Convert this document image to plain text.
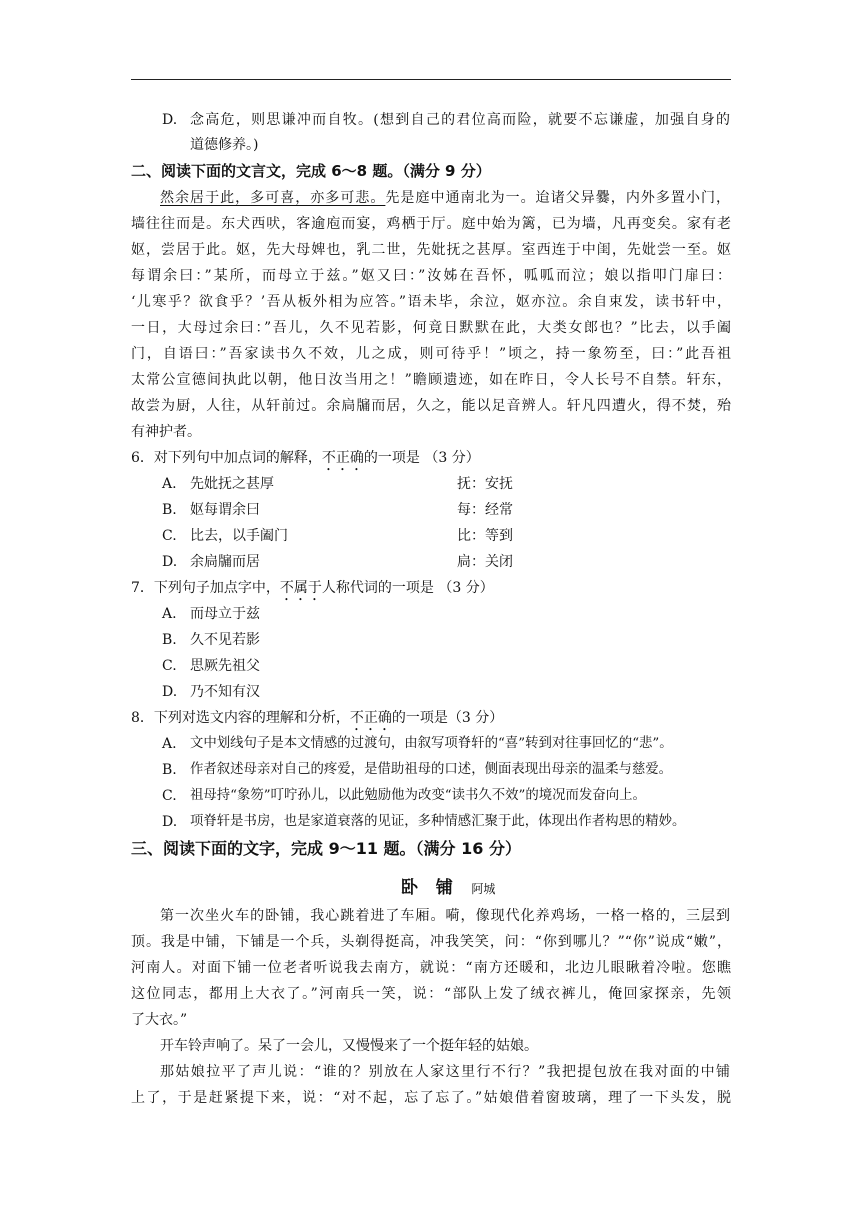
D. 念高危，则思谦冲而自牧。(想到自己的君位高而险，就要不忘谦虚，加强自身的
道德修养。)
二、阅读下面的文言文，完成 6～8 题。（满分 9 分）
然余居于此，多可喜，亦多可悲。先是庭中通南北为一。迨诸父异爨，内外多置小门，
墙往往而是。东犬西吠，客逾庖而宴，鸡栖于厅。庭中始为篱，已为墙，凡再变矣。家有老
妪，尝居于此。妪，先大母婢也，乳二世，先妣抚之甚厚。室西连于中闺，先妣尝一至。妪
每谓余曰：”某所，而母立于兹。”妪又曰：”汝姊在吾怀，呱呱而泣；娘以指叩门扉曰：
‘儿寒乎？欲食乎？’吾从板外相为应答。”语未毕，余泣，妪亦泣。余自束发，读书轩中，
一日，大母过余曰：”吾儿，久不见若影，何竟日默默在此，大类女郎也？”比去，以手阖
门，自语曰：”吾家读书久不效，儿之成，则可待乎！”顷之，持一象笏至，曰：”此吾祖
太常公宣德间执此以朝，他日汝当用之！”瞻顾遗迹，如在昨日，令人长号不自禁。轩东，
故尝为厨，人往，从轩前过。余扃牖而居，久之，能以足音辨人。轩凡四遭火，得不焚，殆
有神护者。
6．对下列句中加点词的解释，不正确的一项是 （3 分）
A. 先妣抚之甚厚	抚：安抚
B. 妪每谓余曰	每：经常
C. 比去，以手阖门	比：等到
D. 余扃牖而居	扃：关闭
7．下列句子加点字中，不属于人称代词的一项是 （3 分）
A. 而母立于兹
B. 久不见若影
C. 思厥先祖父
D. 乃不知有汉
8．下列对选文内容的理解和分析，不正确的一项是（3 分）
A. 文中划线句子是本文情感的过渡句，由叙写项脊轩的“喜”转到对往事回忆的“悲”。
B. 作者叙述母亲对自己的疼爱，是借助祖母的口述，侧面表现出母亲的温柔与慈爱。
C. 祖母持“象笏”叮咛孙儿，以此勉励他为改变“读书久不效”的境况而发奋向上。
D. 项脊轩是书房，也是家道衰落的见证，多种情感汇聚于此，体现出作者构思的精妙。
三、阅读下面的文字，完成 9～11 题。（满分 16 分）
卧 铺 阿城
第一次坐火车的卧铺，我心跳着进了车厢。嗬，像现代化养鸡场，一格一格的，三层到
顶。我是中铺，下铺是一个兵，头剃得挺高，冲我笑笑，问：“你到哪儿？”“你”说成“嫩”，
河南人。对面下铺一位老者听说我去南方，就说：“南方还暖和，北边儿眼瞅着冷啦。您瞧
这位同志，都用上大衣了。”河南兵一笑，说：“部队上发了绒衣裤儿，俺回家探亲，先领
了大衣。”
开车铃声响了。呆了一会儿，又慢慢来了一个挺年轻的姑娘。
那姑娘拉平了声儿说：“谁的？别放在人家这里行不行？”我把提包放在我对面的中铺
上了，于是赶紧提下来，说：“对不起，忘了忘了。”姑娘借着窗玻璃，理了一下头发，脱
